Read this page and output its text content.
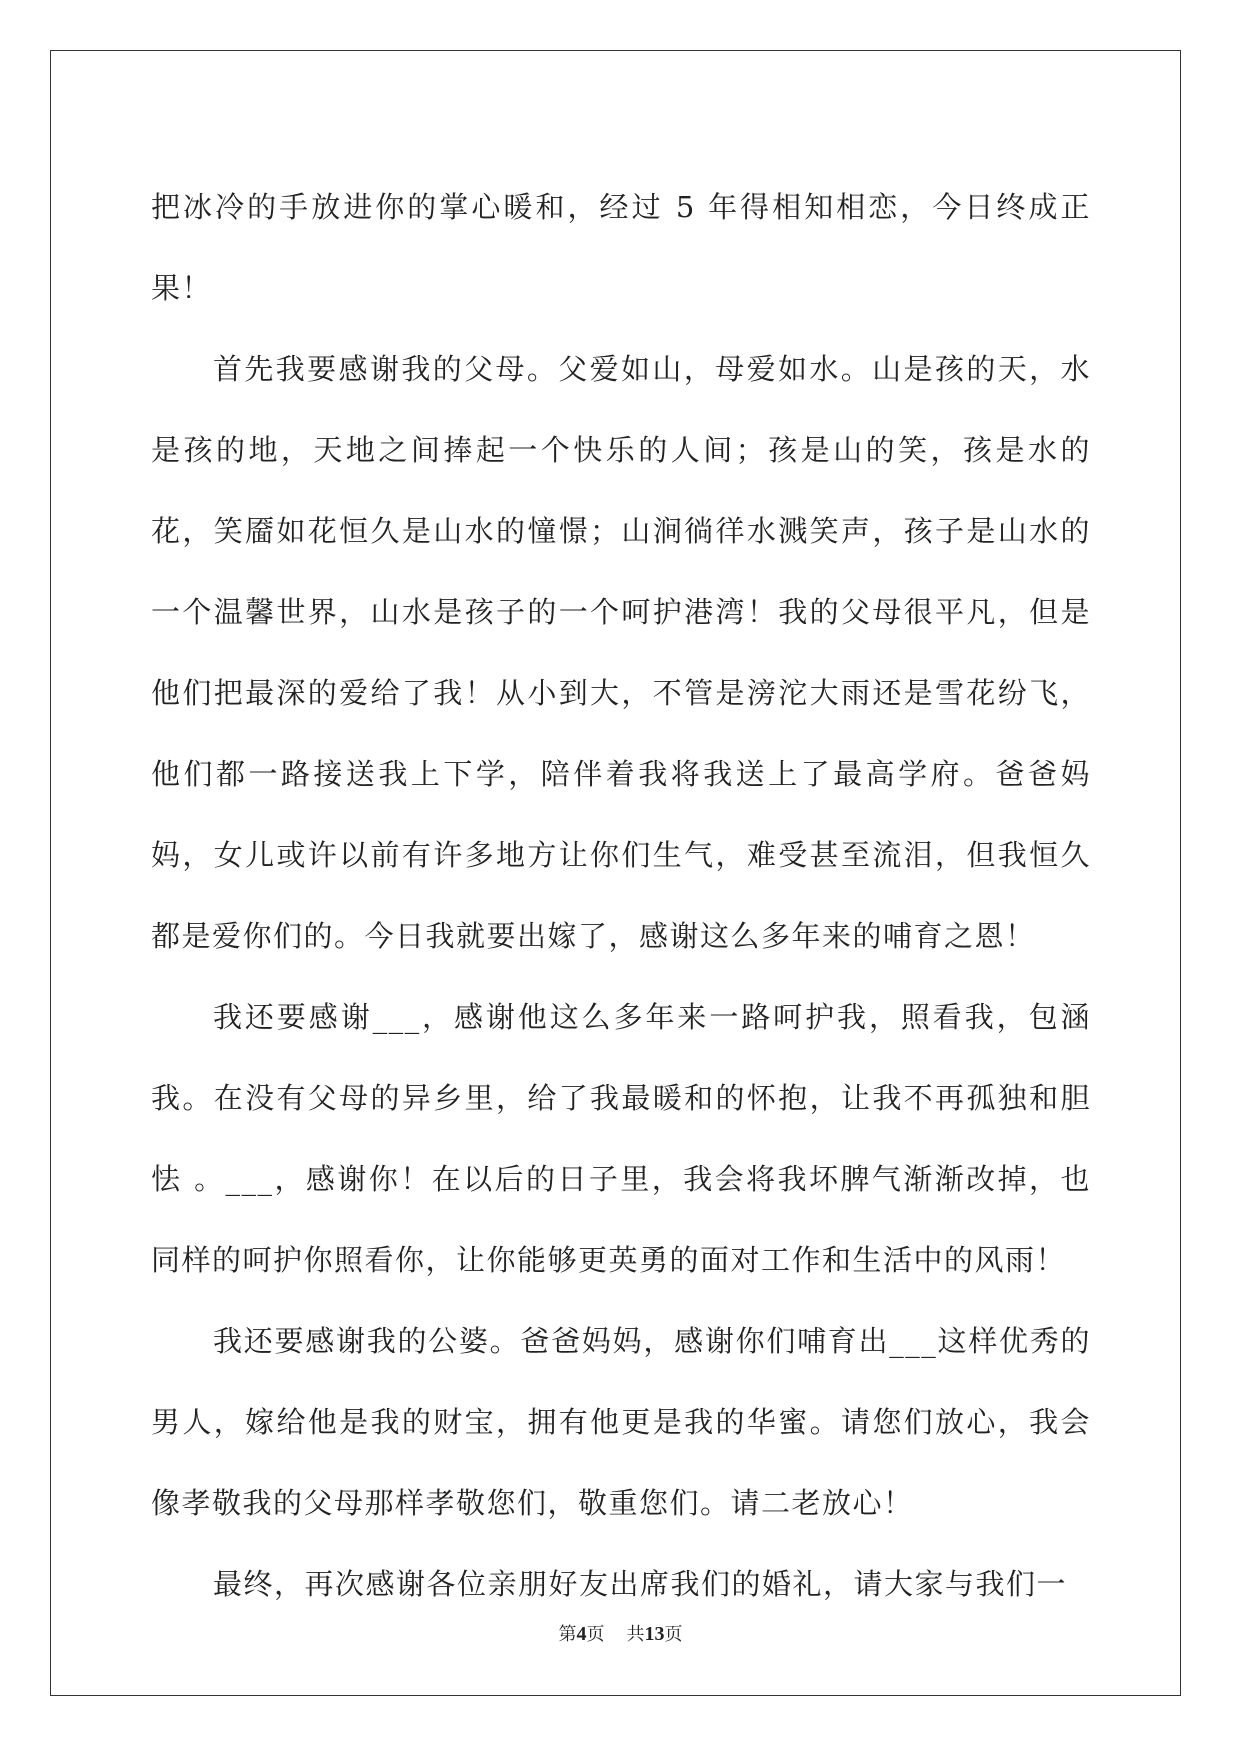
把冰冷的手放进你的掌心暖和，经过 5 年得相知相恋，今日终成正果！

首先我要感谢我的父母。父爱如山，母爱如水。山是孩的天，水是孩的地，天地之间捧起一个快乐的人间；孩是山的笑，孩是水的花，笑靥如花恒久是山水的憧憬；山涧徜徉水溅笑声，孩子是山水的一个温馨世界，山水是孩子的一个呵护港湾！我的父母很平凡，但是他们把最深的爱给了我！从小到大，不管是滂沱大雨还是雪花纷飞，他们都一路接送我上下学，陪伴着我将我送上了最高学府。爸爸妈妈，女儿或许以前有许多地方让你们生气，难受甚至流泪，但我恒久都是爱你们的。今日我就要出嫁了，感谢这么多年来的哺育之恩！

我还要感谢___，感谢他这么多年来一路呵护我，照看我，包涵我。在没有父母的异乡里，给了我最暖和的怀抱，让我不再孤独和胆怯 。___，感谢你！在以后的日子里，我会将我坏脾气渐渐改掉，也同样的呵护你照看你，让你能够更英勇的面对工作和生活中的风雨！

我还要感谢我的公婆。爸爸妈妈，感谢你们哺育出___这样优秀的男人，嫁给他是我的财宝，拥有他更是我的华蜜。请您们放心，我会像孝敬我的父母那样孝敬您们，敬重您们。请二老放心！

最终，再次感谢各位亲朋好友出席我们的婚礼，请大家与我们一

第4页 共13页
